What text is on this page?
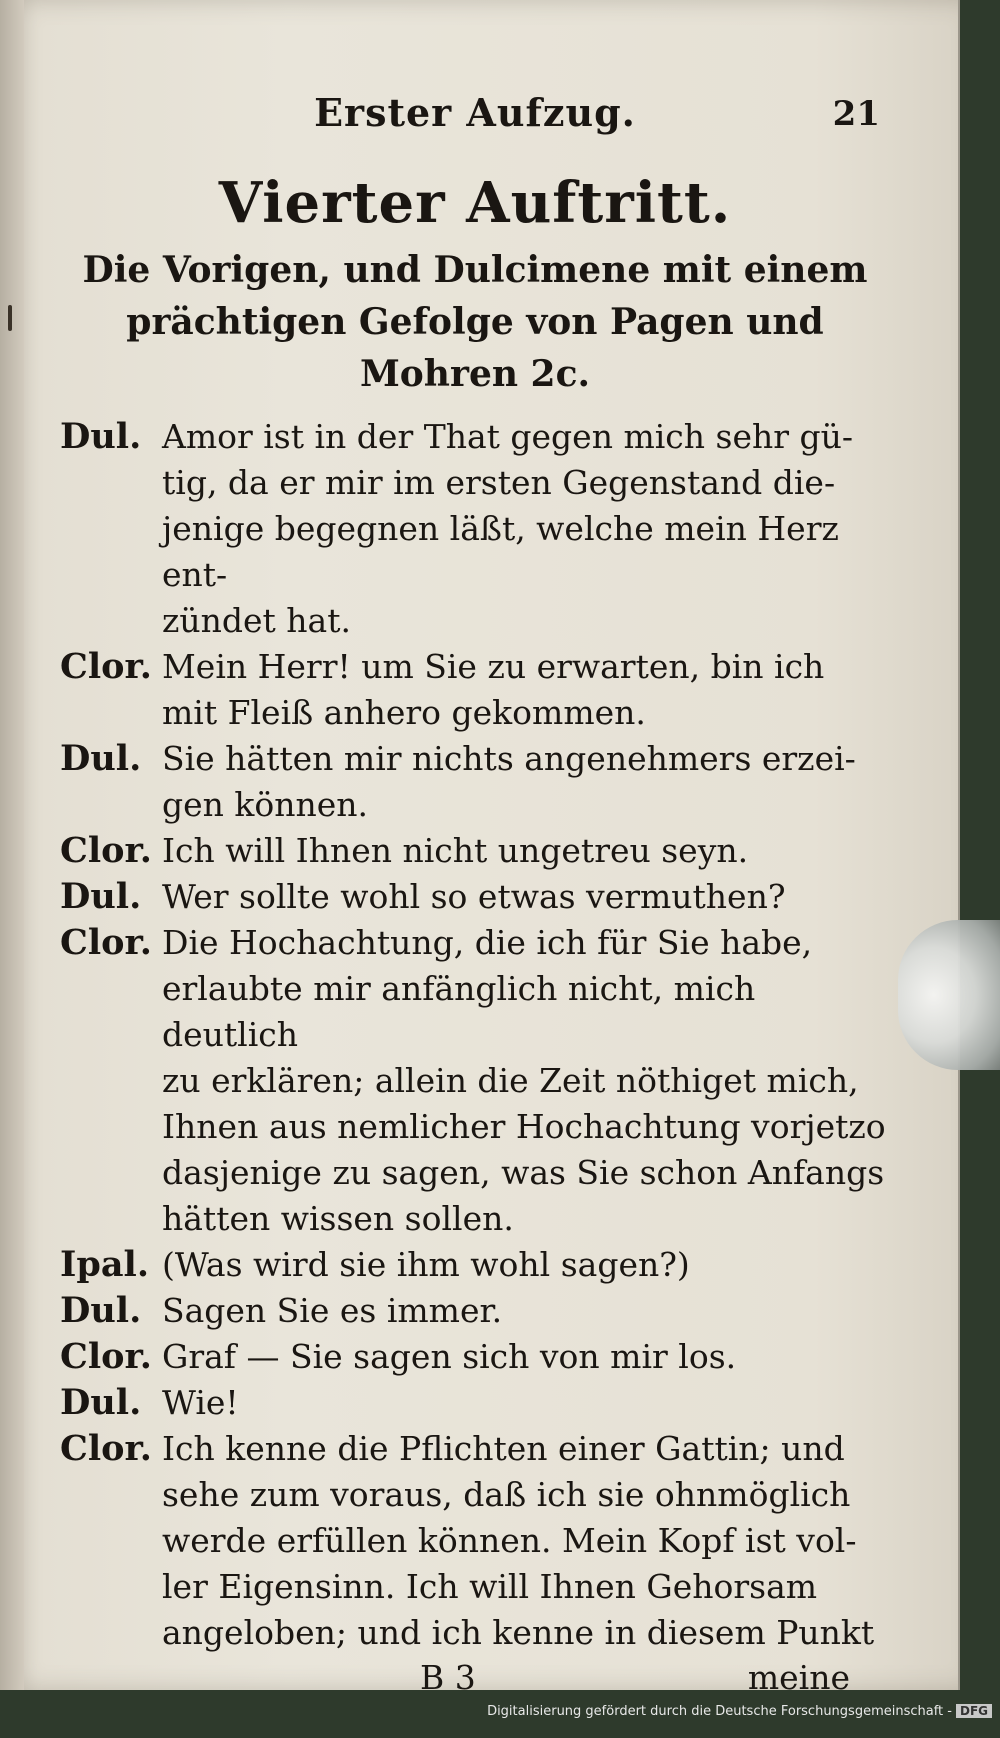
Erster Aufzug.	21
Vierter Auftritt.
Die Vorigen, und Dulcimene mit einem
prächtigen Gefolge von Pagen und
Mohren 2c.
Dul. Amor ist in der That gegen mich sehr gü-
tig, da er mir im ersten Gegenstand die-
jenige begegnen läßt, welche mein Herz ent-
zündet hat.
Clor. Mein Herr! um Sie zu erwarten, bin ich
mit Fleiß anhero gekommen.
Dul. Sie hätten mir nichts angenehmers erzei-
gen können.
Clor. Ich will Ihnen nicht ungetreu seyn.
Dul. Wer sollte wohl so etwas vermuthen?
Clor. Die Hochachtung, die ich für Sie habe,
erlaubte mir anfänglich nicht, mich deutlich
zu erklären; allein die Zeit nöthiget mich,
Ihnen aus nemlicher Hochachtung vorjetzo
dasjenige zu sagen, was Sie schon Anfangs
hätten wissen sollen.
Ipal. (Was wird sie ihm wohl sagen?)
Dul. Sagen Sie es immer.
Clor. Graf — Sie sagen sich von mir los.
Dul. Wie!
Clor. Ich kenne die Pflichten einer Gattin; und
sehe zum voraus, daß ich sie ohnmöglich
werde erfüllen können. Mein Kopf ist vol-
ler Eigensinn. Ich will Ihnen Gehorsam
angeloben; und ich kenne in diesem Punkt
B 3	meine
Digitalisierung gefördert durch die Deutsche Forschungsgemeinschaft - DFG
